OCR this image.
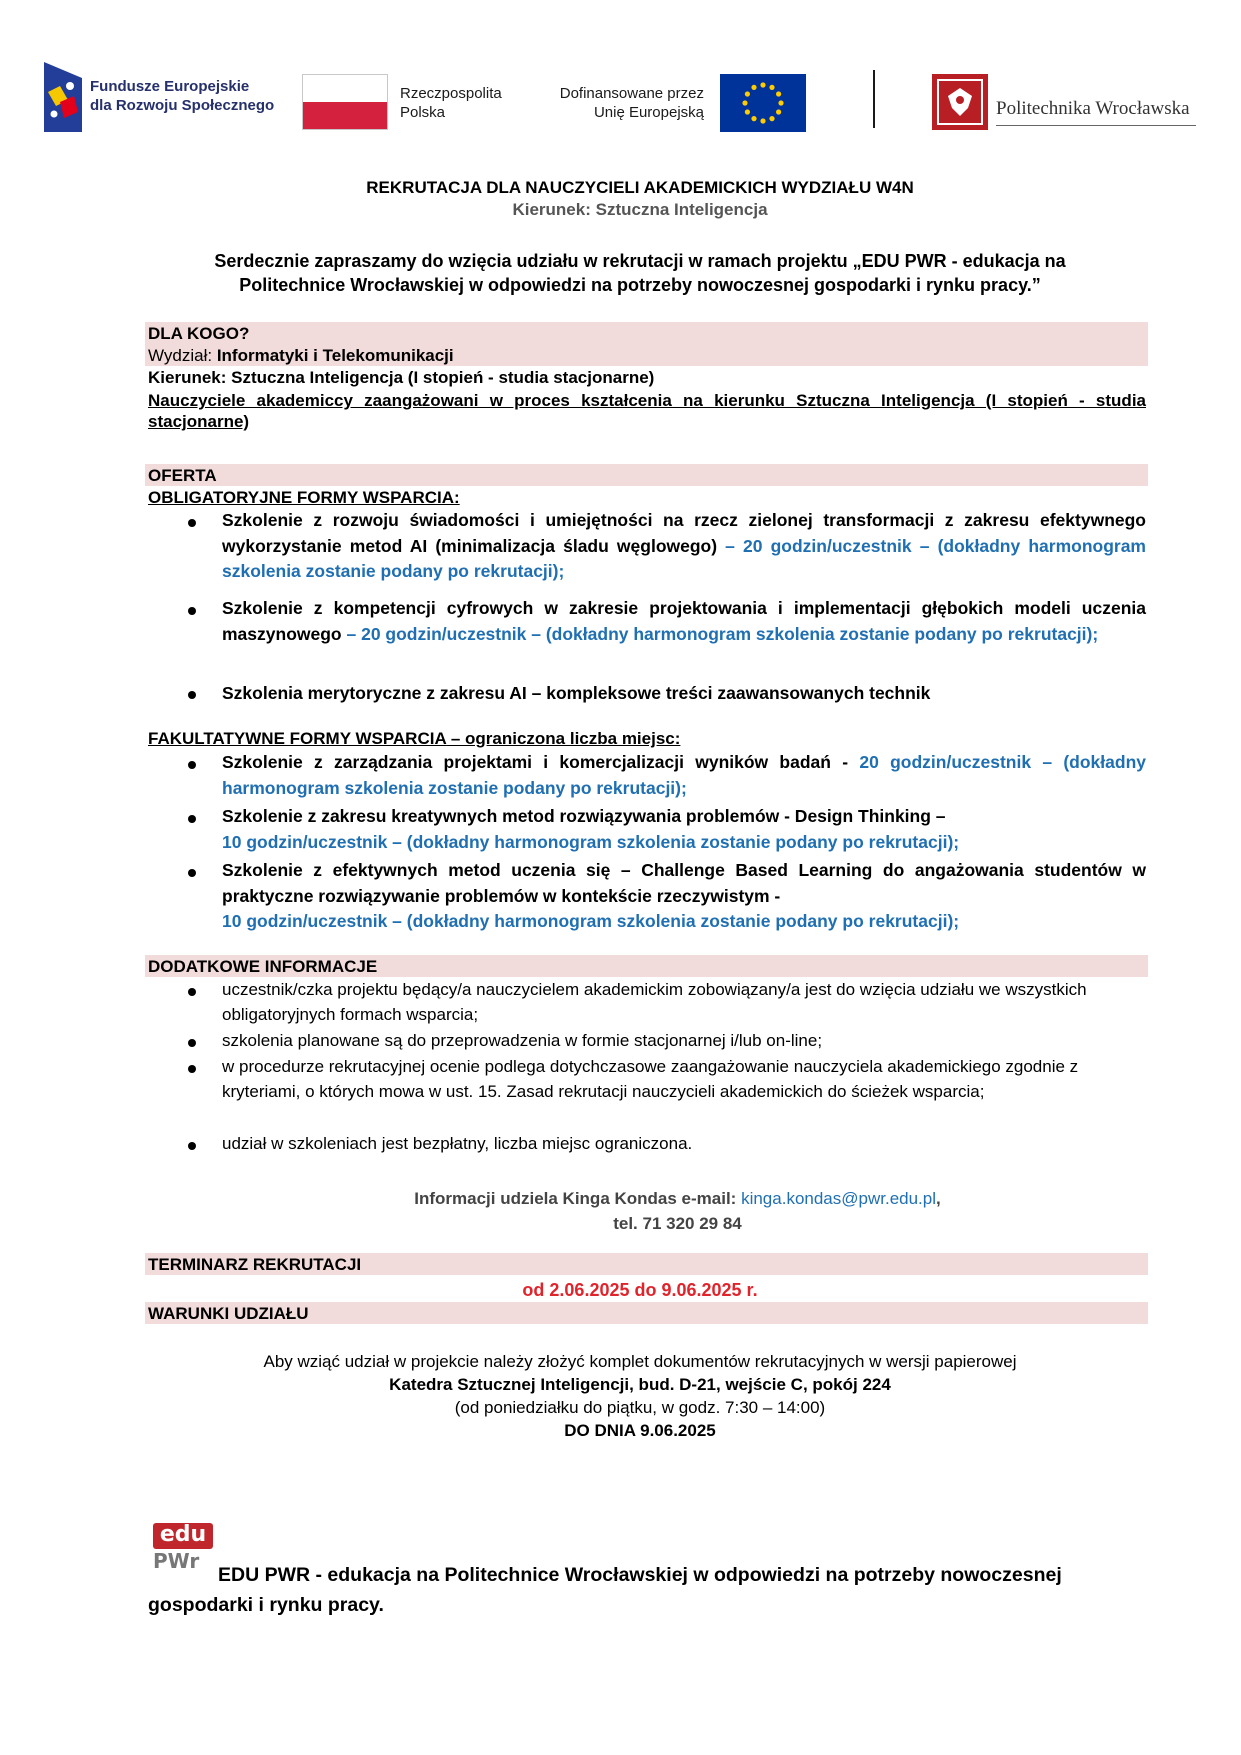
Fundusze Europejskie
dla Rozwoju Społecznego
Rzeczpospolita
Polska
Dofinansowane przez
Unię Europejską	Politechnika Wrocławska
REKRUTACJA DLA NAUCZYCIELI AKADEMICKICH WYDZIAŁU W4N
Kierunek: Sztuczna Inteligencja
Serdecznie zapraszamy do wzięcia udziału w rekrutacji w ramach projektu „EDU PWR - edukacja na
Politechnice Wrocławskiej w odpowiedzi na potrzeby nowoczesnej gospodarki i rynku pracy.”
DLA KOGO?
Wydział: Informatyki i Telekomunikacji
Kierunek: Sztuczna Inteligencja (I stopień - studia stacjonarne)
Nauczyciele akademiccy zaangażowani w proces kształcenia na kierunku Sztuczna Inteligencja (I stopień - studia stacjonarne)
OFERTA
OBLIGATORYJNE FORMY WSPARCIA:
Szkolenie z rozwoju świadomości i umiejętności na rzecz zielonej transformacji z zakresu efektywnego wykorzystanie metod AI (minimalizacja śladu węglowego) – 20 godzin/uczestnik – (dokładny harmonogram szkolenia zostanie podany po rekrutacji);
Szkolenie z kompetencji cyfrowych w zakresie projektowania i implementacji głębokich modeli uczenia maszynowego – 20 godzin/uczestnik – (dokładny harmonogram szkolenia zostanie podany po rekrutacji);
Szkolenia merytoryczne z zakresu AI – kompleksowe treści zaawansowanych technik
FAKULTATYWNE FORMY WSPARCIA – ograniczona liczba miejsc:
Szkolenie z zarządzania projektami i komercjalizacji wyników badań - 20 godzin/uczestnik – (dokładny harmonogram szkolenia zostanie podany po rekrutacji);
Szkolenie z zakresu kreatywnych metod rozwiązywania problemów - Design Thinking –
10 godzin/uczestnik – (dokładny harmonogram szkolenia zostanie podany po rekrutacji);
Szkolenie z efektywnych metod uczenia się – Challenge Based Learning do angażowania studentów w praktyczne rozwiązywanie problemów w kontekście rzeczywistym -
10 godzin/uczestnik – (dokładny harmonogram szkolenia zostanie podany po rekrutacji);
DODATKOWE INFORMACJE
uczestnik/czka projektu będący/a nauczycielem akademickim zobowiązany/a jest do wzięcia udziału we wszystkich obligatoryjnych formach wsparcia;
szkolenia planowane są do przeprowadzenia w formie stacjonarnej i/lub on-line;
w procedurze rekrutacyjnej ocenie podlega dotychczasowe zaangażowanie nauczyciela akademickiego zgodnie z kryteriami, o których mowa w ust. 15. Zasad rekrutacji nauczycieli akademickich do ścieżek wsparcia;
udział w szkoleniach jest bezpłatny, liczba miejsc ograniczona.
Informacji udziela Kinga Kondas e-mail: kinga.kondas@pwr.edu.pl,
tel. 71 320 29 84
TERMINARZ REKRUTACJI
od 2.06.2025 do 9.06.2025 r.
WARUNKI UDZIAŁU
Aby wziąć udział w projekcie należy złożyć komplet dokumentów rekrutacyjnych w wersji papierowej
Katedra Sztucznej Inteligencji, bud. D-21, wejście C, pokój 224
(od poniedziałku do piątku, w godz. 7:30 – 14:00)
DO DNIA 9.06.2025
edu
PWr
EDU PWR - edukacja na Politechnice Wrocławskiej w odpowiedzi na potrzeby nowoczesnej gospodarki i rynku pracy.
